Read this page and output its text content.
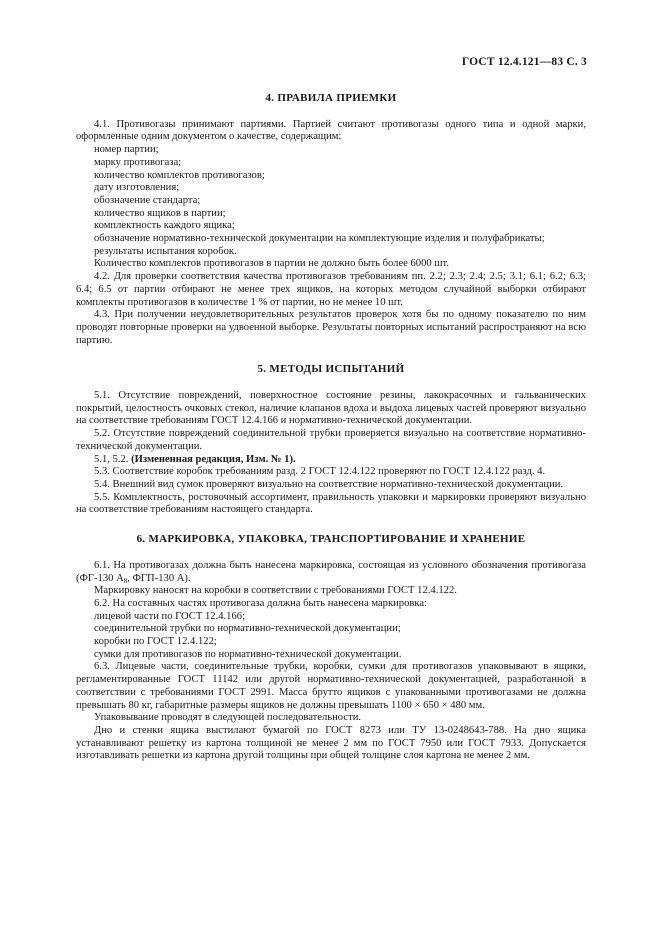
ГОСТ 12.4.121—83 С. 3
4. ПРАВИЛА ПРИЕМКИ

4.1. Противогазы принимают партиями. Партией считают противогазы одного типа и одной марки, оформленные одним документом о качестве, содержащим:

номер партии;

марку противогаза;

количество комплектов противогазов;

дату изготовления;

обозначение стандарта;

количество ящиков в партии;

комплектность каждого ящика;

обозначение нормативно-технической документации на комплектующие изделия и полуфабрикаты;

результаты испытания коробок.

Количество комплектов противогазов в партии не должно быть более 6000 шт.

4.2. Для проверки соответствия качества противогазов требованиям пп. 2.2; 2.3; 2.4; 2.5; 3.1; 6.1; 6.2; 6.3; 6.4; 6.5 от партии отбирают не менее трех ящиков, на которых методом случайной выборки отбирают комплекты противогазов в количестве 1 % от партии, но не менее 10 шт.

4.3. При получении неудовлетворительных результатов проверок хотя бы по одному показателю по ним проводят повторные проверки на удвоенной выборке. Результаты повторных испытаний распространяют на всю партию.

5. МЕТОДЫ ИСПЫТАНИЙ

5.1. Отсутствие повреждений, поверхностное состояние резины, лакокрасочных и гальванических покрытий, целостность очковых стекол, наличие клапанов вдоха и выдоха лицевых частей проверяют визуально на соответствие требованиям ГОСТ 12.4.166 и нормативно-технической документации.

5.2. Отсутствие повреждений соединительной трубки проверяется визуально на соответствие нормативно-технической документации.

5.1, 5.2. (Измененная редакция, Изм. № 1).

5.3. Соответствие коробок требованиям разд. 2 ГОСТ 12.4.122 проверяют по ГОСТ 12.4.122 разд. 4.

5.4. Внешний вид сумок проверяют визуально на соответствие нормативно-технической документации.

5.5. Комплектность, ростовочный ассортимент, правильность упаковки и маркировки проверяют визуально на соответствие требованиям настоящего стандарта.

6. МАРКИРОВКА, УПАКОВКА, ТРАНСПОРТИРОВАНИЕ И ХРАНЕНИЕ

6.1. На противогазах должна быть нанесена маркировка, состоящая из условного обозначения противогаза (ФГ-130 $А_8$, ФГП-130 А).

Маркировку наносят на коробки в соответствии с требованиями ГОСТ 12.4.122.

6.2. На составных частях противогаза должна быть нанесена маркировка:

лицевой части по ГОСТ 12.4.166;

соединительной трубки по нормативно-технической документации;

коробки по ГОСТ 12.4.122;

сумки для противогазов по нормативно-технической документации.

6.3. Лицевые части, соединительные трубки, коробки, сумки для противогазов упаковывают в ящики, регламентированные ГОСТ 11142 или другой нормативно-технической документацией, разработанной в соответствии с требованиями ГОСТ 2991. Масса брутто ящиков с упакованными противогазами не должна превышать 80 кг, габаритные размеры ящиков не должны превышать 1100 × 650 × 480 мм.

Упаковывание проводят в следующей последовательности.

Дно и стенки ящика выстилают бумагой по ГОСТ 8273 или ТУ 13-0248643-788. На дно ящика устанавливают решетку из картона толщиной не менее 2 мм по ГОСТ 7950 или ГОСТ 7933. Допускается изготавливать решетки из картона другой толщины при общей толщине слоя картона не менее 2 мм.
